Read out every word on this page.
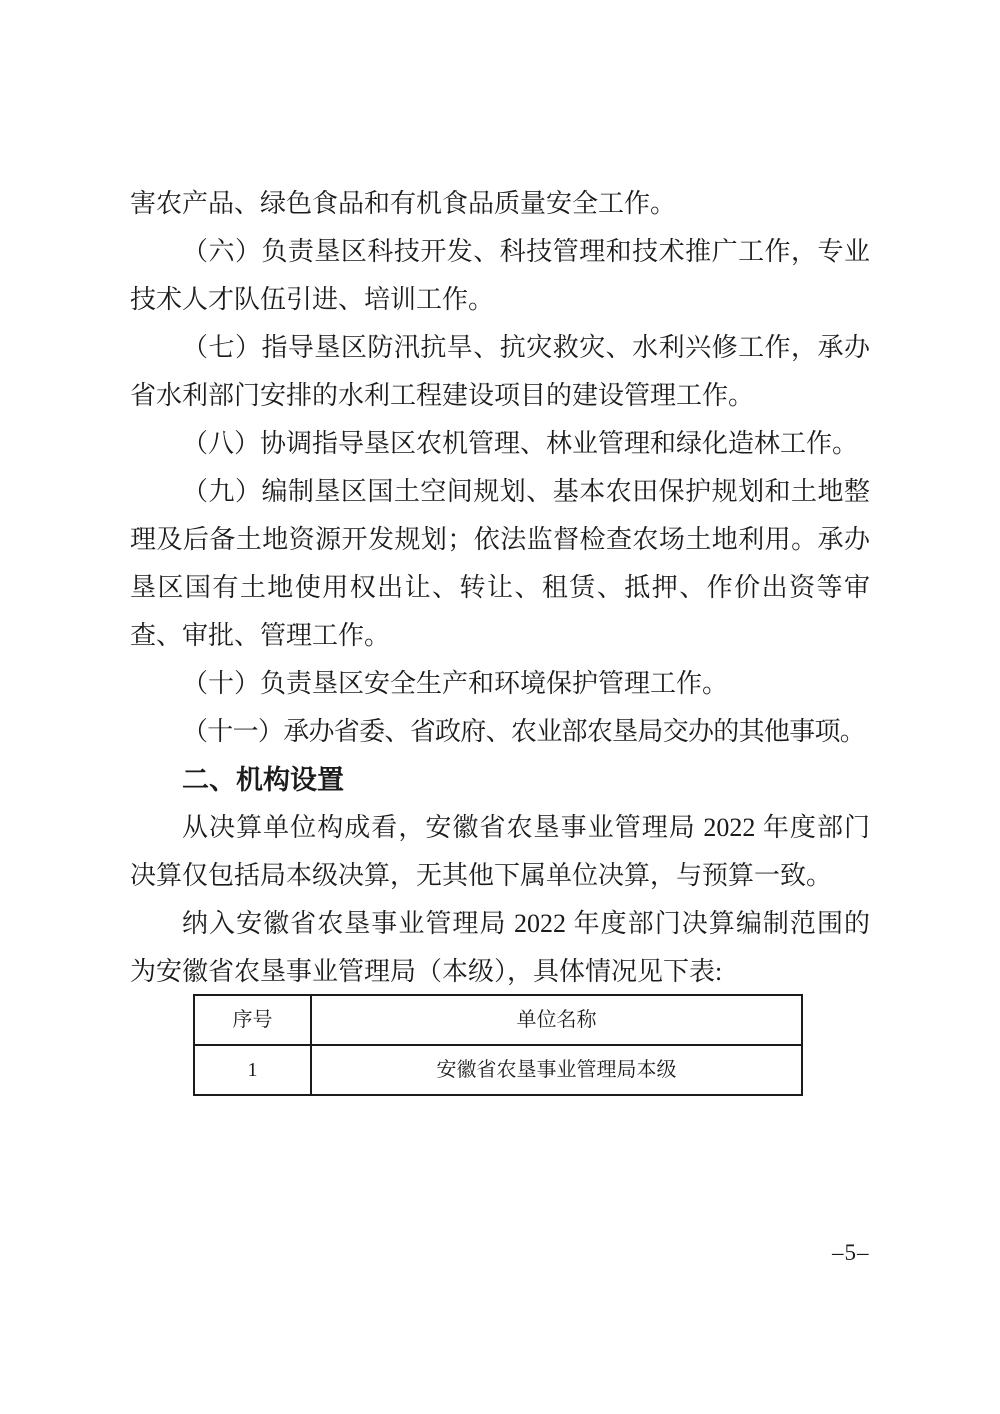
害农产品、绿色食品和有机食品质量安全工作。

（六）负责垦区科技开发、科技管理和技术推广工作，专业技术人才队伍引进、培训工作。

（七）指导垦区防汛抗旱、抗灾救灾、水利兴修工作，承办省水利部门安排的水利工程建设项目的建设管理工作。

（八）协调指导垦区农机管理、林业管理和绿化造林工作。

（九）编制垦区国土空间规划、基本农田保护规划和土地整理及后备土地资源开发规划；依法监督检查农场土地利用。承办垦区国有土地使用权出让、转让、租赁、抵押、作价出资等审查、审批、管理工作。

（十）负责垦区安全生产和环境保护管理工作。

（十一）承办省委、省政府、农业部农垦局交办的其他事项。

二、机构设置

从决算单位构成看，安徽省农垦事业管理局 2022 年度部门决算仅包括局本级决算，无其他下属单位决算，与预算一致。

纳入安徽省农垦事业管理局 2022 年度部门决算编制范围的为安徽省农垦事业管理局（本级），具体情况见下表:

序号	单位名称
1	安徽省农垦事业管理局本级
–5–
